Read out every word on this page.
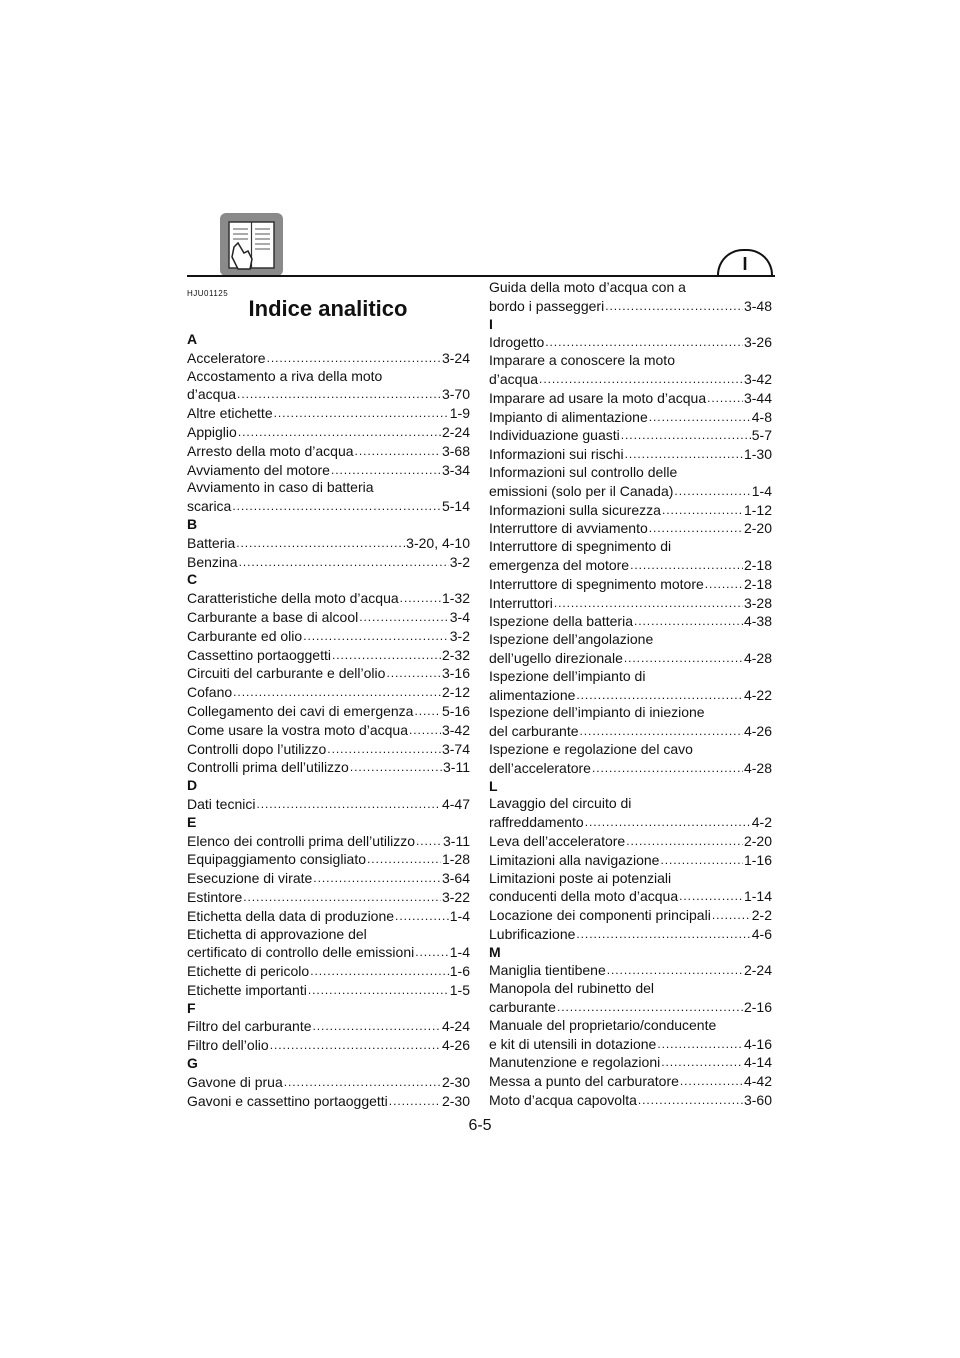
I
HJU01125
Indice analitico
A
Acceleratore . . .	3-24
Accostamento a riva della moto
d’acqua . . .	3-70
Altre etichette . . .	1-9
Appiglio . . .	2-24
Arresto della moto d’acqua . . .	3-68
Avviamento del motore . . .	3-34
Avviamento in caso di batteria
scarica . . .	5-14
B
Batteria . . .	3-20, 4-10
Benzina . . .	3-2
C
Caratteristiche della moto d’acqua . . .	1-32
Carburante a base di alcool . . .	3-4
Carburante ed olio . . .	3-2
Cassettino portaoggetti . . .	2-32
Circuiti del carburante e dell’olio . . .	3-16
Cofano . . .	2-12
Collegamento dei cavi di emergenza . . . 5-16
Come usare la vostra moto d’acqua . . . 3-42
Controlli dopo l’utilizzo . . .	3-74
Controlli prima dell’utilizzo . . .	3-11
D
Dati tecnici . . .	4-47
E
Elenco dei controlli prima dell’utilizzo . . . 3-11
Equipaggiamento consigliato . . .	1-28
Esecuzione di virate . . .	3-64
Estintore . . .	3-22
Etichetta della data di produzione . . .	1-4
Etichetta di approvazione del
certificato di controllo delle emissioni . . .	1-4
Etichette di pericolo . . .	1-6
Etichette importanti . . .	1-5
F
Filtro del carburante . . .	4-24
Filtro dell’olio . . .	4-26
G
Gavone di prua . . .	2-30
Gavoni e cassettino portaoggetti . . .	2-30
Guida della moto d’acqua con a
bordo i passeggeri . . .	3-48
I
Idrogetto . . .	3-26
Imparare a conoscere la moto
d’acqua . . .	3-42
Imparare ad usare la moto d’acqua . . .	3-44
Impianto di alimentazione . . .	4-8
Individuazione guasti . . .	5-7
Informazioni sui rischi . . .	1-30
Informazioni sul controllo delle
emissioni (solo per il Canada) . . .	1-4
Informazioni sulla sicurezza . . .	1-12
Interruttore di avviamento . . .	2-20
Interruttore di spegnimento di
emergenza del motore . . .	2-18
Interruttore di spegnimento motore . . .	2-18
Interruttori . . .	3-28
Ispezione della batteria . . .	4-38
Ispezione dell’angolazione
dell’ugello direzionale . . .	4-28
Ispezione dell’impianto di
alimentazione . . .	4-22
Ispezione dell’impianto di iniezione
del carburante . . .	4-26
Ispezione e regolazione del cavo
dell’acceleratore . . .	4-28
L
Lavaggio del circuito di
raffreddamento . . .	4-2
Leva dell’acceleratore . . .	2-20
Limitazioni alla navigazione . . .	1-16
Limitazioni poste ai potenziali
conducenti della moto d’acqua . . .	1-14
Locazione dei componenti principali . . .	2-2
Lubrificazione . . .	4-6
M
Maniglia tientibene . . .	2-24
Manopola del rubinetto del
carburante . . .	2-16
Manuale del proprietario/conducente
e kit di utensili in dotazione . . .	4-16
Manutenzione e regolazioni . . .	4-14
Messa a punto del carburatore . . .	4-42
Moto d’acqua capovolta . . .	3-60
6-5
